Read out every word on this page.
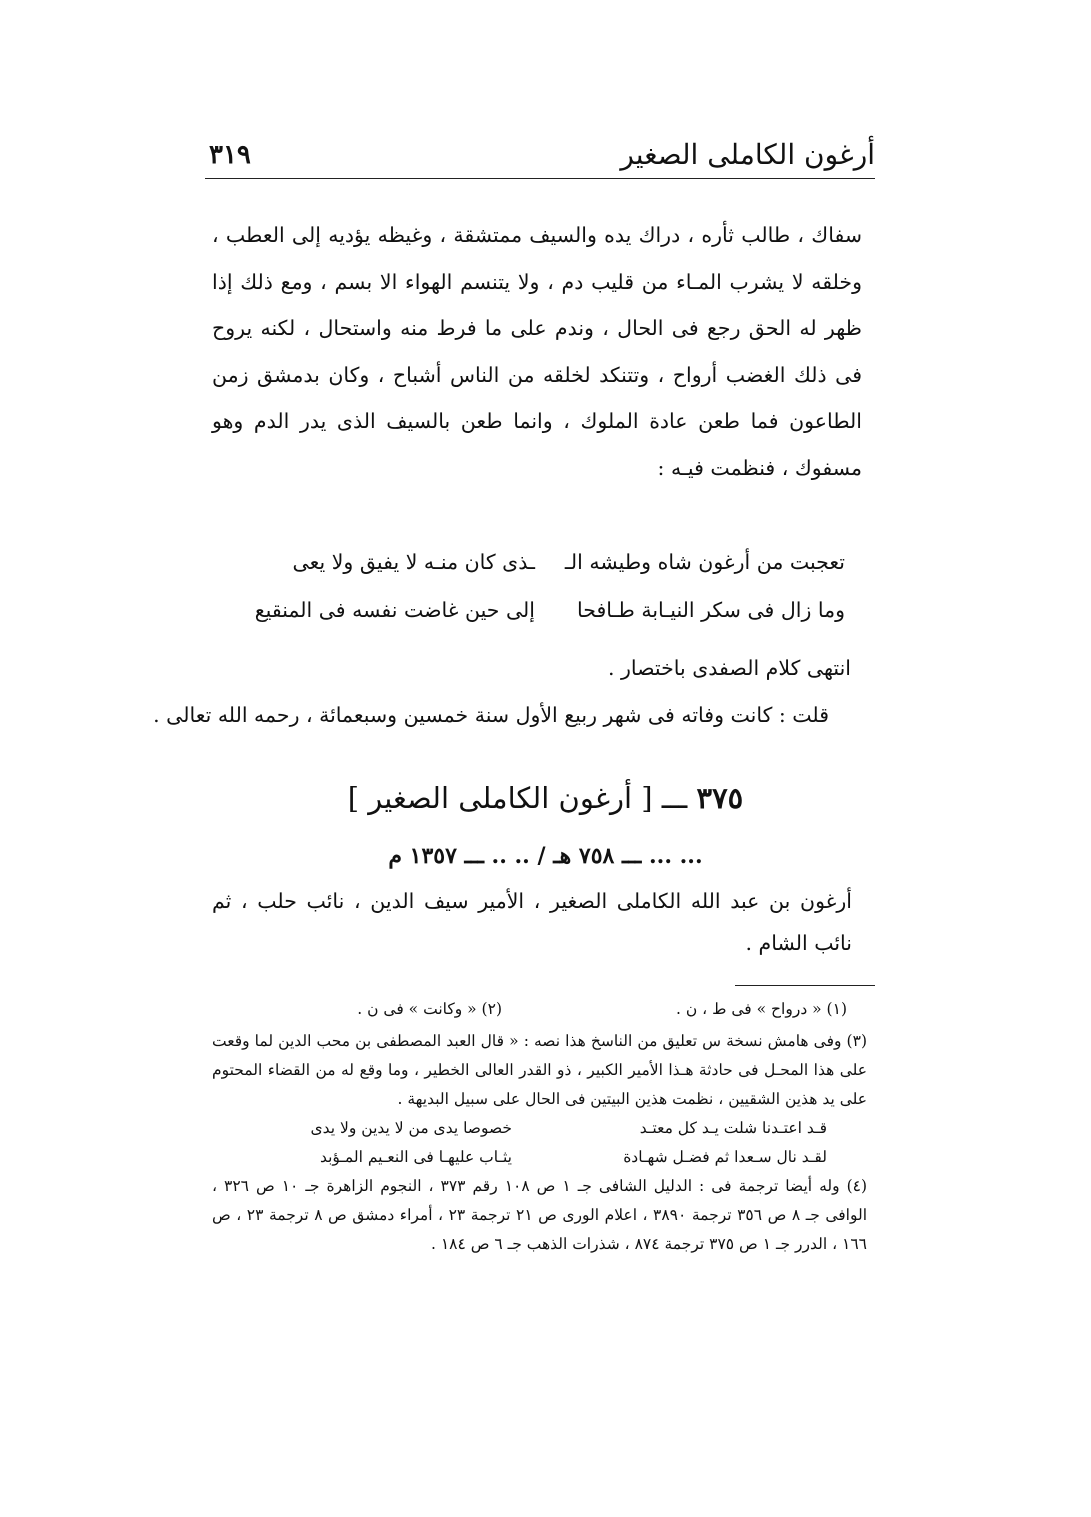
أرغون الكاملى الصغير
٣١٩

سفاك ، طالب ثأره ، دراك يده والسيف ممتشقة ، وغيظه يؤديه إلى العطب ، وخلقه لا يشرب المـاء من قليب دم ، ولا يتنسم الهواء الا بسم ، ومع ذلك إذا ظهر له الحق رجع فى الحال ، وندم على ما فرط منه واستحال ، لكنه يروح فى ذلك الغضب أرواح ، وتتنكد لخلقه من الناس أشباح ، وكان بدمشق زمن الطاعون فما طعن عادة الملوك ، وانما طعن بالسيف الذى يدر الدم وهو مسفوك ، فنظمت فيـه :

تعجبت من أرغون شاه وطيشه الـ
ـذى كان منـه لا يفيق ولا يعى
وما زال فى سكر النيـابة طـافحا
إلى حين غاضت نفسه فى المنقيع
انتهى كلام الصفدى باختصار .
قلت : كانت وفاته فى شهر ربيع الأول سنة خمسين وسبعمائة ، رحمه الله تعالى .
٣٧٥ ـــ [ أرغون الكاملى الصغير ]
... ... ـــ ٧٥٨ هـ / .. .. ـــ ١٣٥٧ م
أرغون بن عبد الله الكاملى الصغير ، الأمير سيف الدين ، نائب حلب ، ثم نائب الشام .
(١) « درواح » فى ط ، ن .
(٢) « وكانت » فى ن .

(٣) وفى هامش نسخة س تعليق من الناسخ هذا نصه : « قال العبد المصطفى بن محب الدين لما وقعت على هذا المحـل فى حادثة هـذا الأمير الكبير ، ذو القدر العالى الخطير ، وما وقع له من القضاء المحتوم على يد هذين الشقيين ، نظمت هذين البيتين فى الحال على سبيل البديهة .

قـد اعتـدنا شلت يـد كل معتـد
خصوصا يدى من لا يدين ولا يدى
لقـد نال سـعدا ثم فضـل شهـادة
يثـاب عليهـا فى النعـيم المـؤبد

(٤) وله أيضا ترجمة فى : الدليل الشافى جـ ١ ص ١٠٨ رقم ٣٧٣ ، النجوم الزاهرة جـ ١٠ ص ٣٢٦ ، الوافى جـ ٨ ص ٣٥٦ ترجمة ٣٨٩٠ ، اعلام الورى ص ٢١ ترجمة ٢٣ ، أمراء دمشق ص ٨ ترجمة ٢٣ ، ص ١٦٦ ، الدرر جـ ١ ص ٣٧٥ ترجمة ٨٧٤ ، شذرات الذهب جـ ٦ ص ١٨٤ .
